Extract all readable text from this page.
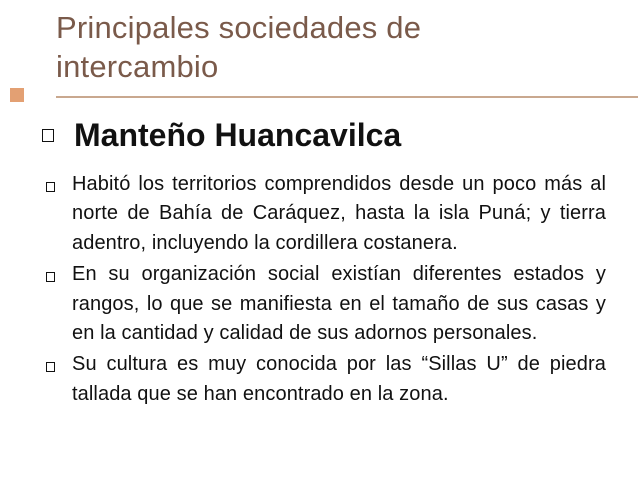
Principales sociedades de intercambio
Manteño Huancavilca
Habitó los territorios comprendidos desde un poco más al norte de Bahía de Caráquez, hasta la isla Puná; y tierra adentro, incluyendo la cordillera costanera.
En su organización social existían diferentes estados y rangos, lo que se manifiesta en el tamaño de sus casas y en la cantidad y calidad de sus adornos personales.
Su cultura es muy conocida por las “Sillas U” de piedra tallada que se han encontrado en la zona.
